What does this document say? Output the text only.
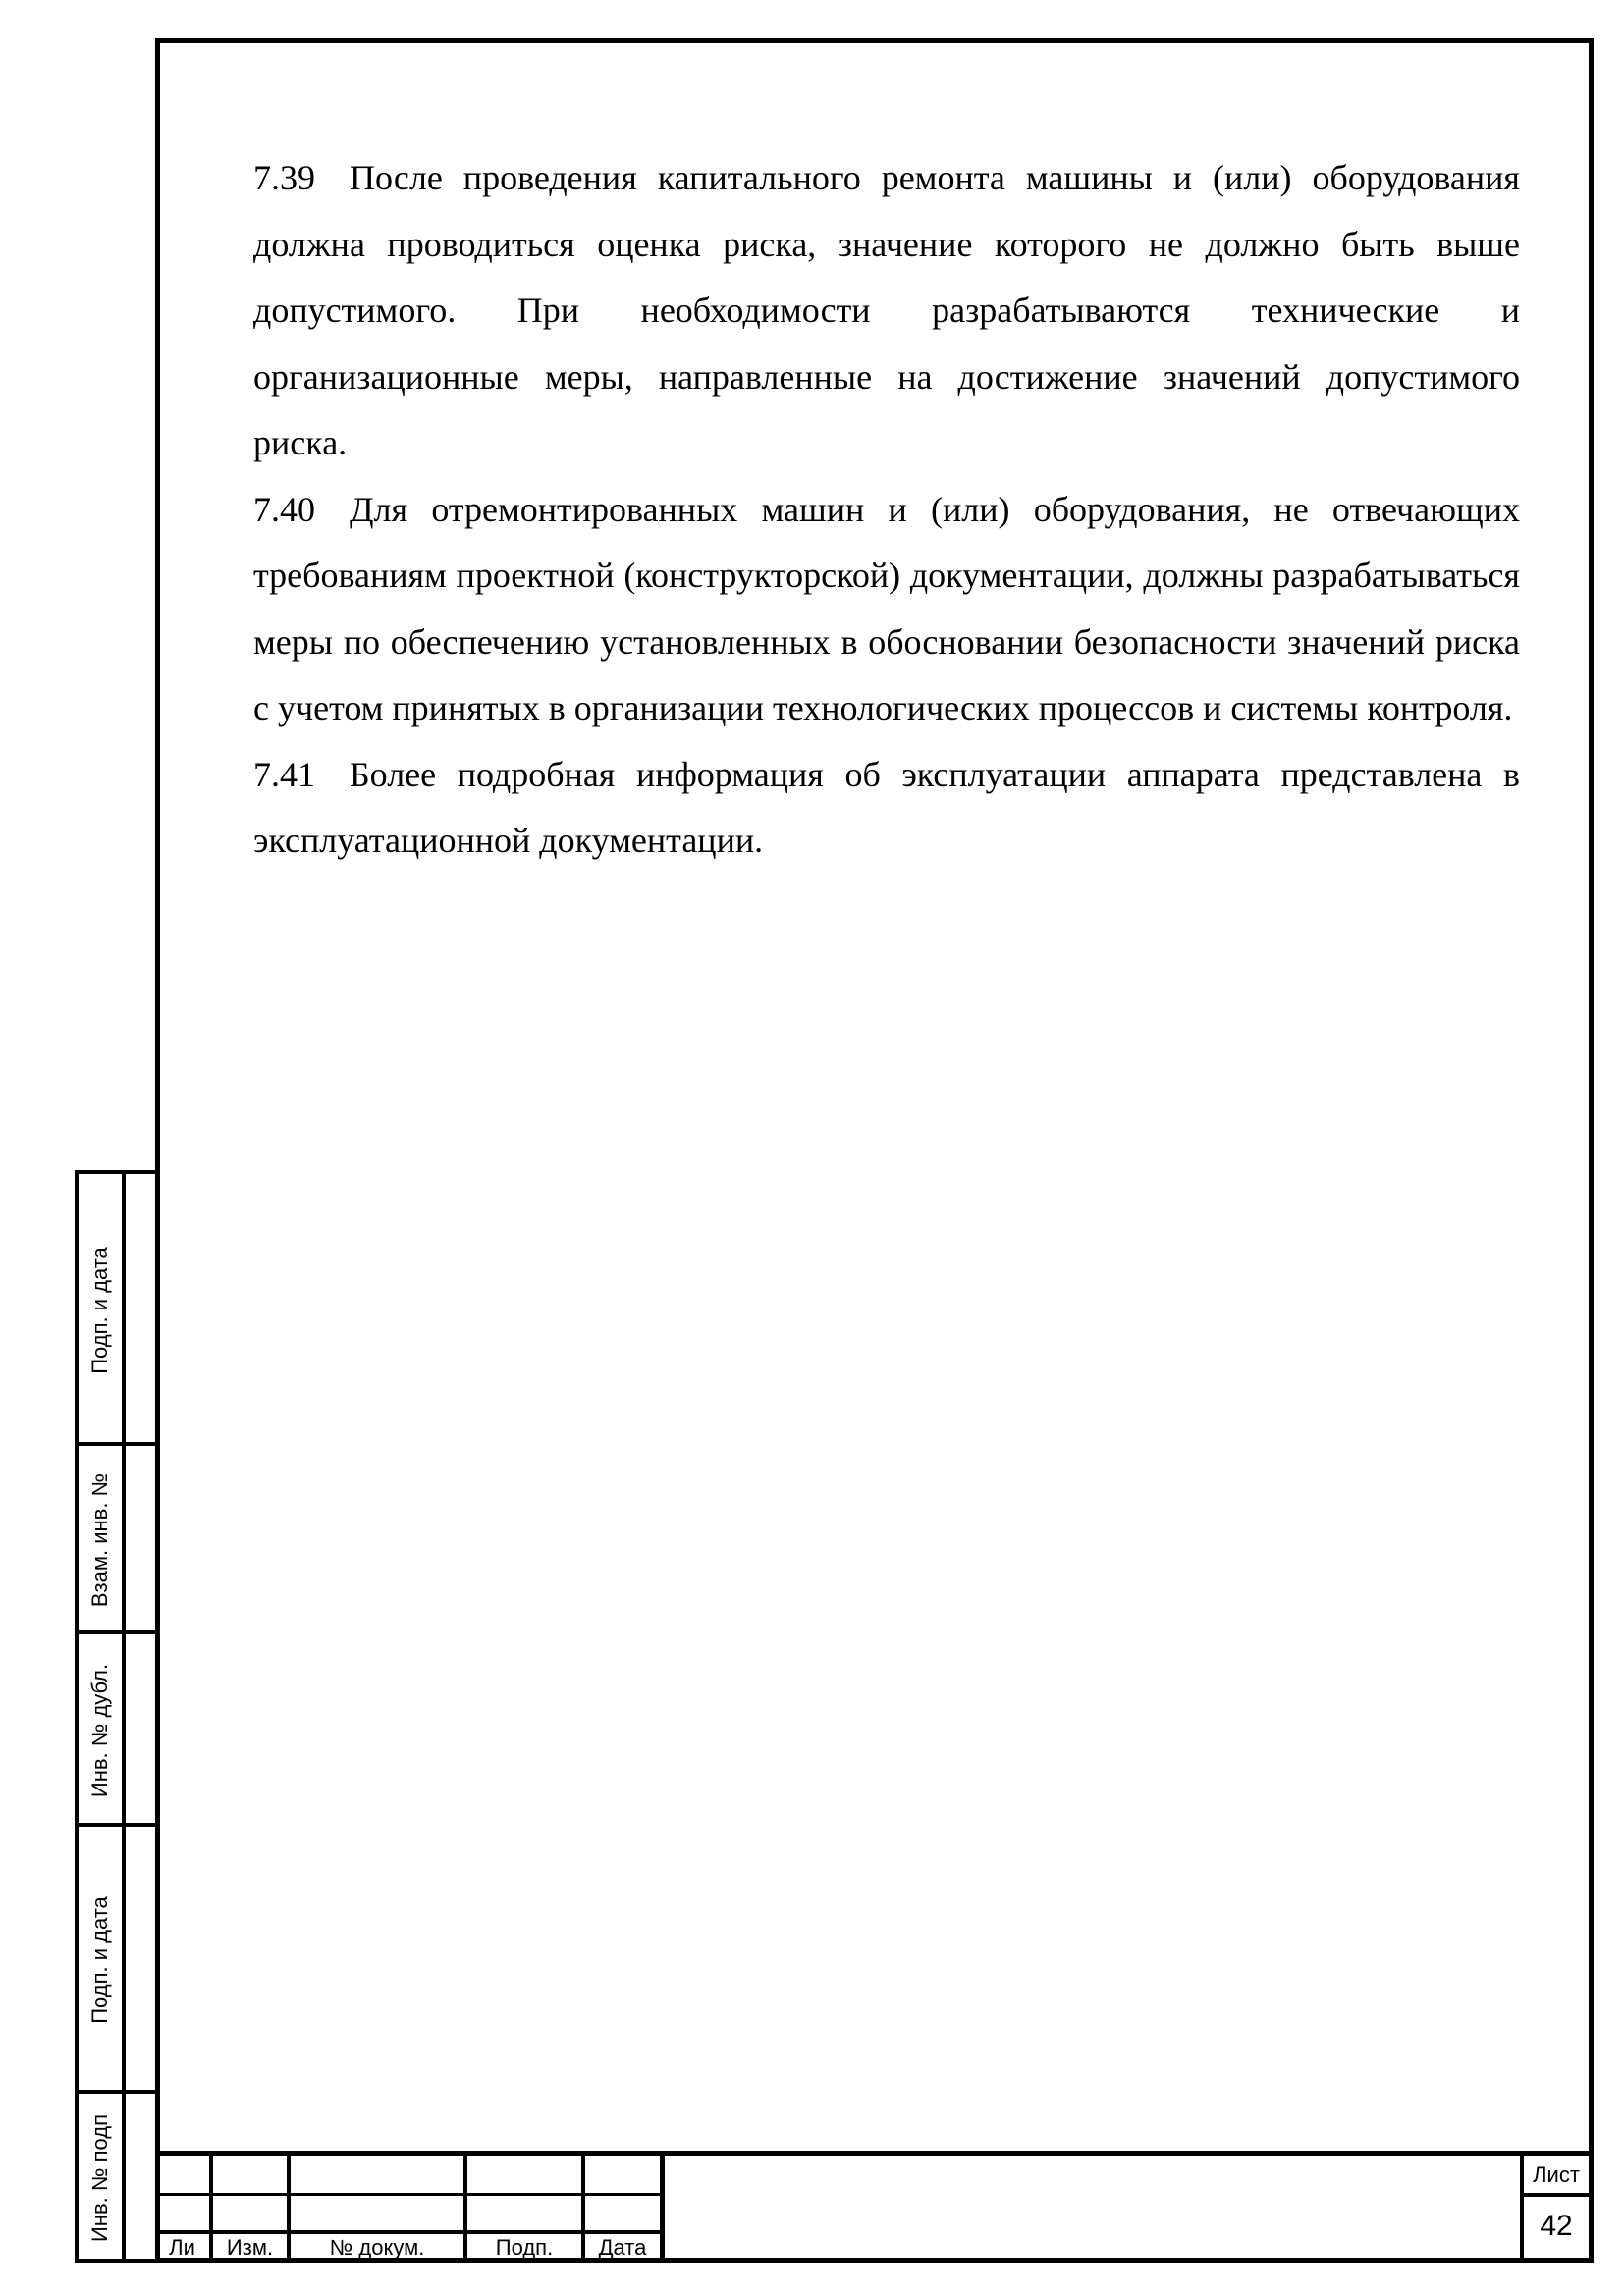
7.39 После проведения капитального ремонта машины и (или) оборудования должна проводиться оценка риска, значение которого не должно быть выше допустимого. При необходимости разрабатываются технические и организационные меры, направленные на достижение значений допустимого риска.

7.40 Для отремонтированных машин и (или) оборудования, не отвечающих требованиям проектной (конструкторской) документации, должны разрабатываться меры по обеспечению установленных в обосновании безопасности значений риска с учетом принятых в организации технологических процессов и системы контроля.

7.41 Более подробная информация об эксплуатации аппарата представлена в эксплуатационной документации.

Подп. и дата
Взам. инв. №
Инв. № дубл.
Подп. и дата
Инв. № подп
Ли	Изм.	№ докум.	Подп.	Дата
Лист
42
